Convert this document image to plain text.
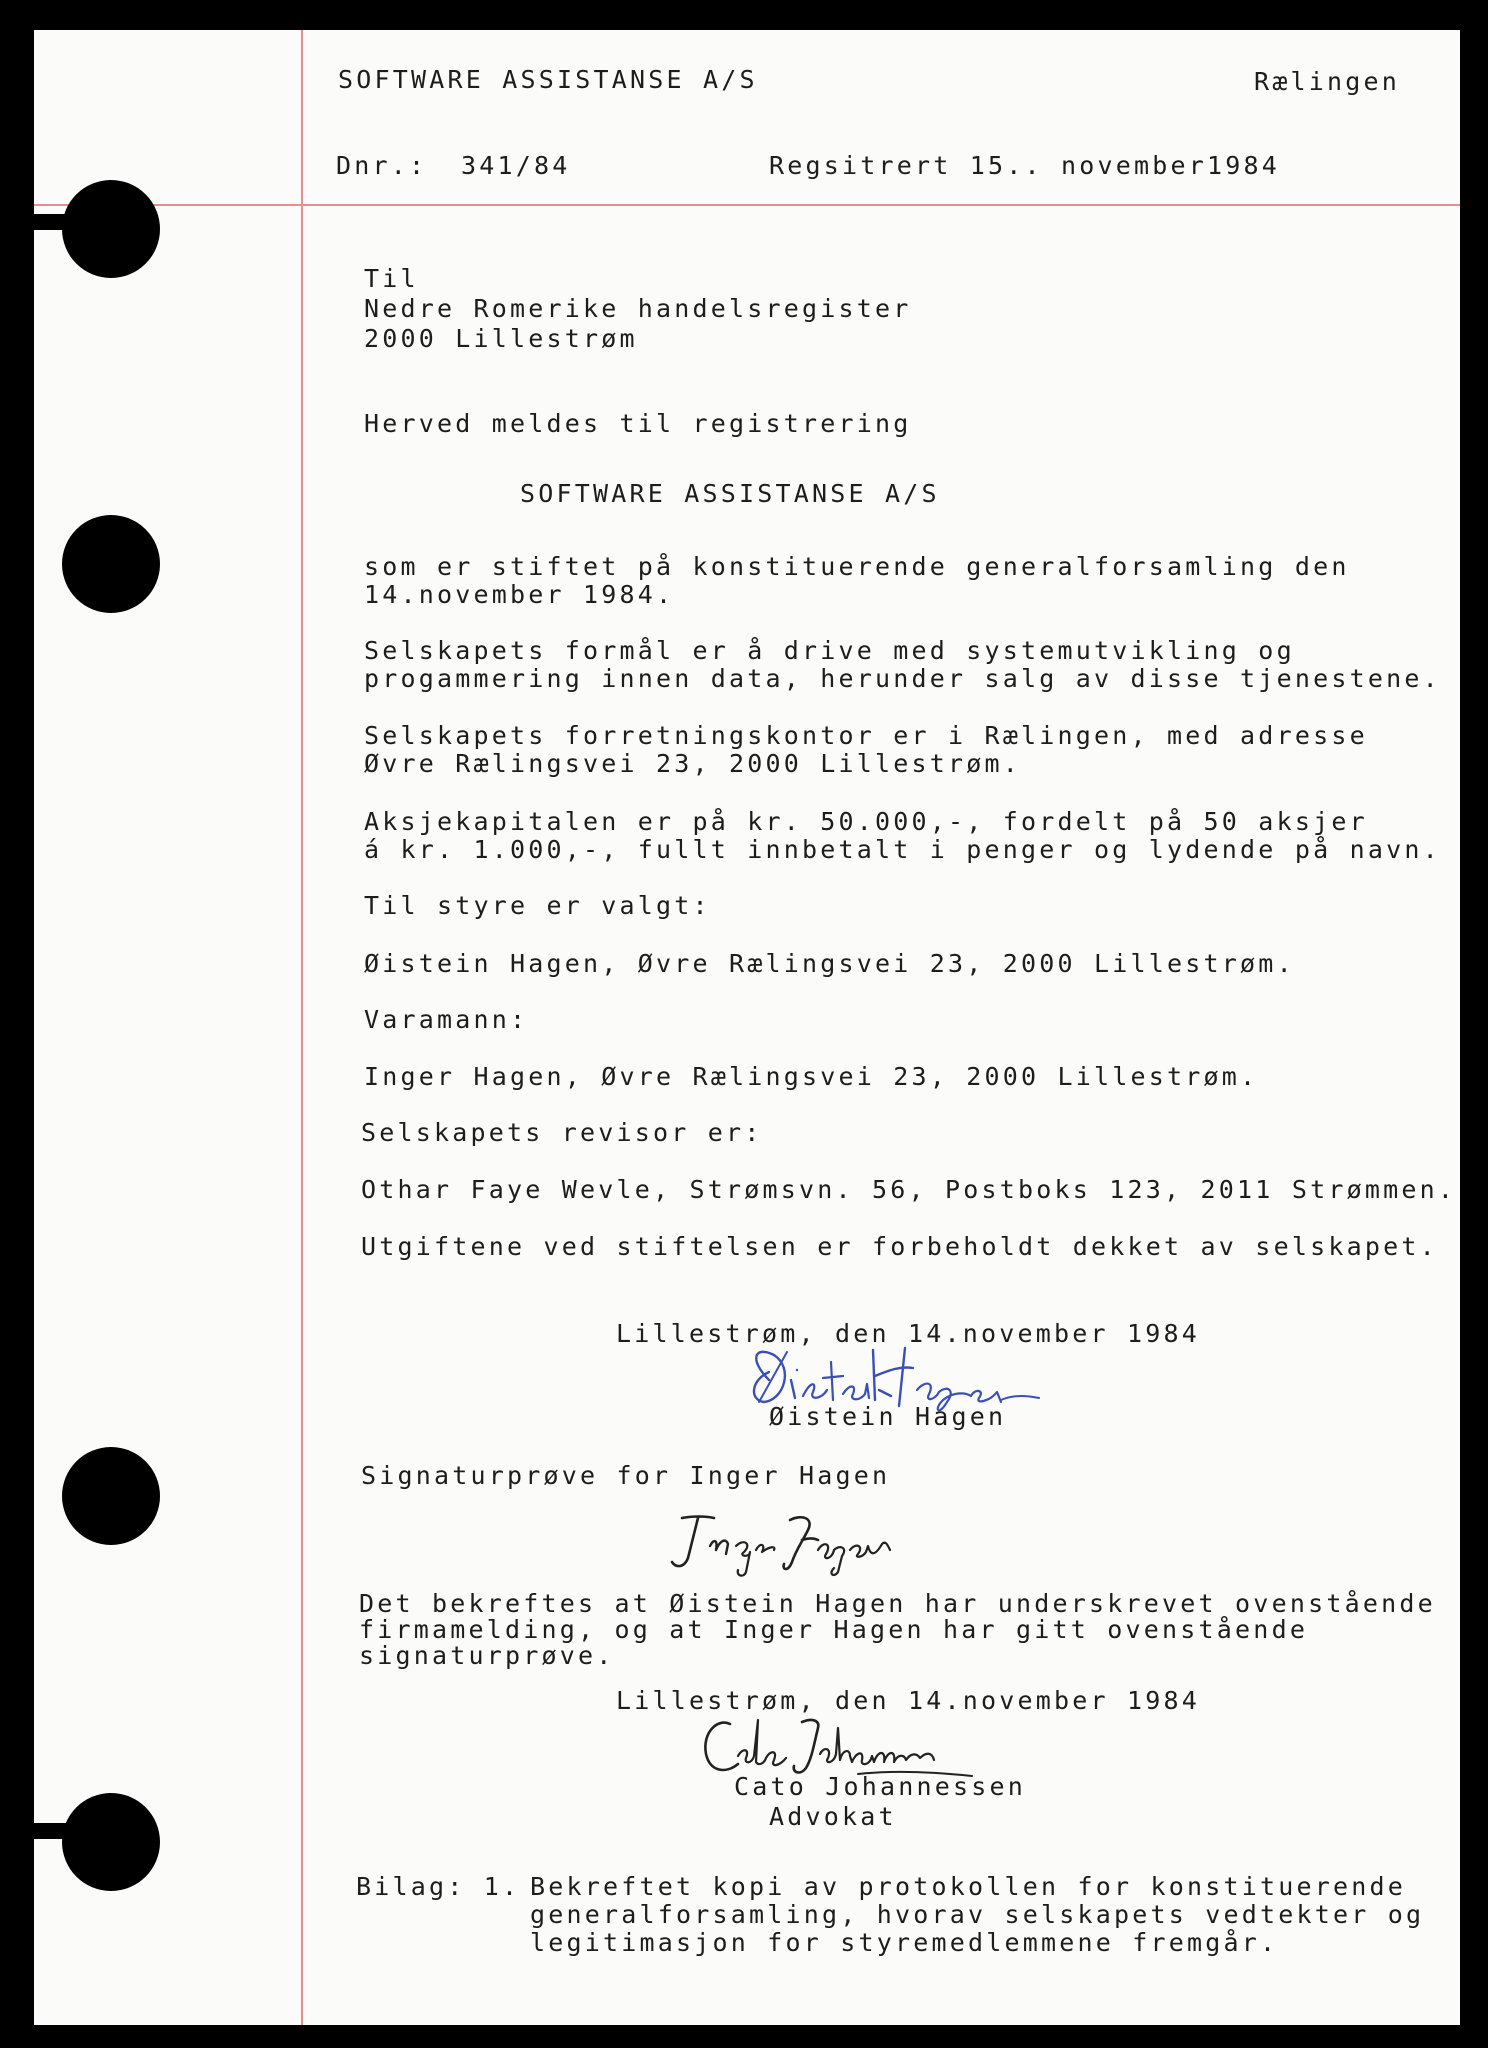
SOFTWARE ASSISTANSE A/S	Rælingen
Dnr.: 341/84	Regsitrert 15.. november1984
Til
Nedre Romerike handelsregister
2000 Lillestrøm
Herved meldes til registrering
SOFTWARE ASSISTANSE A/S
som er stiftet på konstituerende generalforsamling den
14.november 1984.
Selskapets formål er å drive med systemutvikling og
progammering innen data, herunder salg av disse tjenestene.
Selskapets forretningskontor er i Rælingen, med adresse
Øvre Rælingsvei 23, 2000 Lillestrøm.
Aksjekapitalen er på kr. 50.000,-, fordelt på 50 aksjer
á kr. 1.000,-, fullt innbetalt i penger og lydende på navn.
Til styre er valgt:
Øistein Hagen, Øvre Rælingsvei 23, 2000 Lillestrøm.
Varamann:
Inger Hagen, Øvre Rælingsvei 23, 2000 Lillestrøm.
Selskapets revisor er:
Othar Faye Wevle, Strømsvn. 56, Postboks 123, 2011 Strømmen.
Utgiftene ved stiftelsen er forbeholdt dekket av selskapet.
Lillestrøm, den 14.november 1984
Øistein Hagen
Signaturprøve for Inger Hagen
Det bekreftes at Øistein Hagen har underskrevet ovenstående
firmamelding, og at Inger Hagen har gitt ovenstående
signaturprøve.
Lillestrøm, den 14.november 1984
Cato Johannessen
Advokat
Bilag: 1. Bekreftet kopi av protokollen for konstituerende
generalforsamling, hvorav selskapets vedtekter og
legitimasjon for styremedlemmene fremgår.
